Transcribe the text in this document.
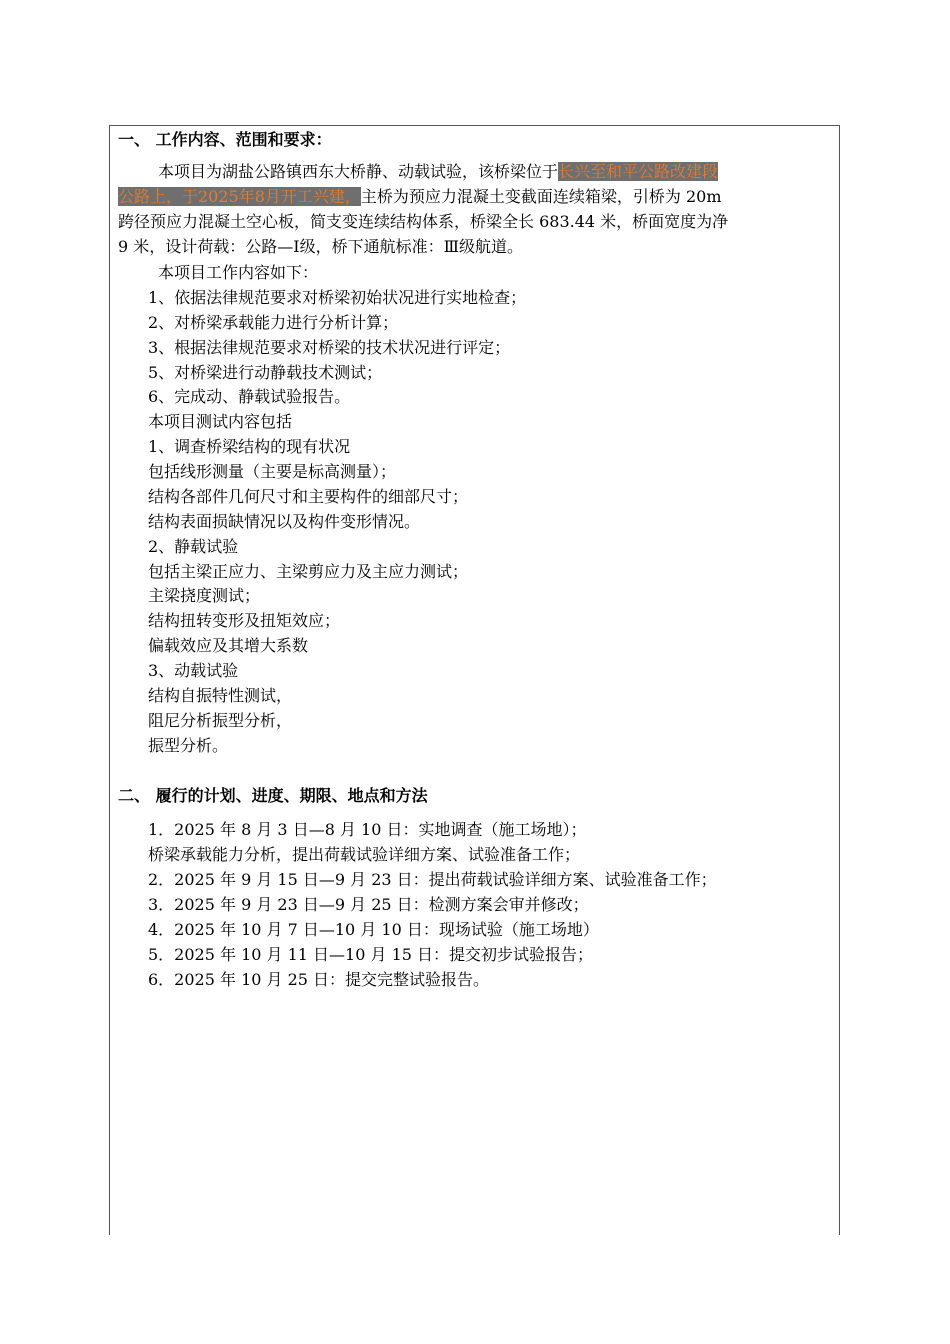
一、 工作内容、范围和要求：
本项目为湖盐公路镇西东大桥静、动载试验，该桥梁位于长兴至和平公路改建段
公路上，于2025年8月开工兴建，主桥为预应力混凝土变截面连续箱梁，引桥为 20m
跨径预应力混凝土空心板，简支变连续结构体系，桥梁全长 683.44 米，桥面宽度为净
9 米，设计荷载：公路—Ⅰ级，桥下通航标准：Ⅲ级航道。
本项目工作内容如下：
1、依据法律规范要求对桥梁初始状况进行实地检查；
2、对桥梁承载能力进行分析计算；
3、根据法律规范要求对桥梁的技术状况进行评定；
5、对桥梁进行动静载技术测试；
6、完成动、静载试验报告。
本项目测试内容包括
1、调查桥梁结构的现有状况
包括线形测量（主要是标高测量）；
结构各部件几何尺寸和主要构件的细部尺寸；
结构表面损缺情况以及构件变形情况。
2、静载试验
包括主梁正应力、主梁剪应力及主应力测试；
主梁挠度测试；
结构扭转变形及扭矩效应；
偏载效应及其增大系数
3、动载试验
结构自振特性测试，
阻尼分析振型分析，
振型分析。
二、 履行的计划、进度、期限、地点和方法
1．2025 年 8 月 3 日—8 月 10 日：实地调查（施工场地）；
桥梁承载能力分析，提出荷载试验详细方案、试验准备工作；
2．2025 年 9 月 15 日—9 月 23 日：提出荷载试验详细方案、试验准备工作；
3．2025 年 9 月 23 日—9 月 25 日：检测方案会审并修改；
4．2025 年 10 月 7 日—10 月 10 日：现场试验（施工场地）
5．2025 年 10 月 11 日—10 月 15 日：提交初步试验报告；
6．2025 年 10 月 25 日：提交完整试验报告。
